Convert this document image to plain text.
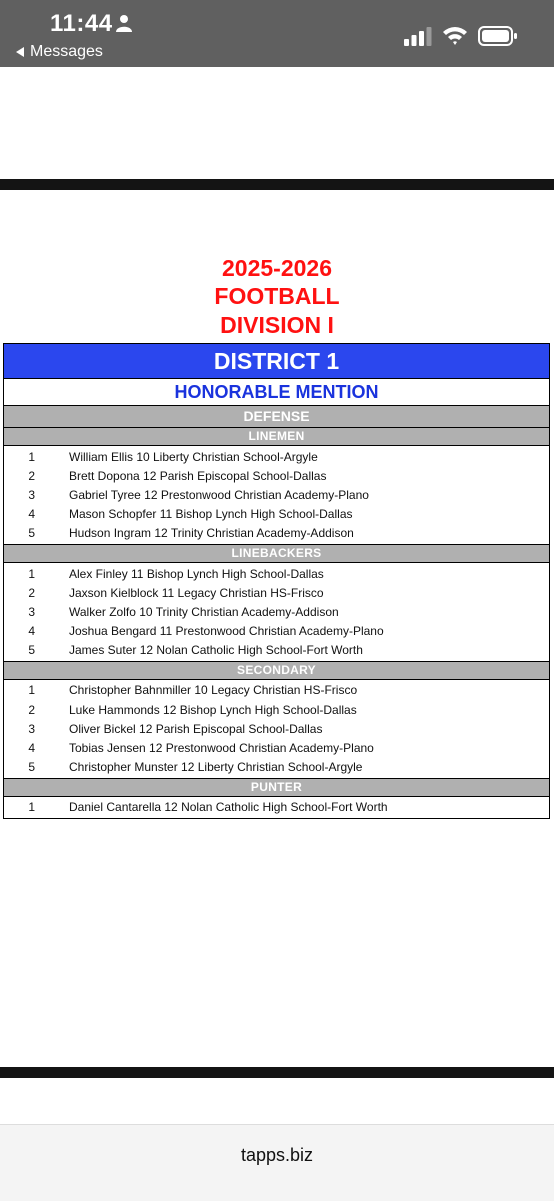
11:44
Messages
2025-2026
FOOTBALL
DIVISION I
DISTRICT 1
HONORABLE MENTION
DEFENSE
LINEMEN
1	William Ellis 10 Liberty Christian School-Argyle
2	Brett Dopona 12 Parish Episcopal School-Dallas
3	Gabriel Tyree 12 Prestonwood Christian Academy-Plano
4	Mason Schopfer 11 Bishop Lynch High School-Dallas
5	Hudson Ingram 12 Trinity Christian Academy-Addison
LINEBACKERS
1	Alex Finley 11 Bishop Lynch High School-Dallas
2	Jaxson Kielblock 11 Legacy Christian HS-Frisco
3	Walker Zolfo 10 Trinity Christian Academy-Addison
4	Joshua Bengard 11 Prestonwood Christian Academy-Plano
5	James Suter 12 Nolan Catholic High School-Fort Worth
SECONDARY
1	Christopher Bahnmiller 10 Legacy Christian HS-Frisco
2	Luke Hammonds 12 Bishop Lynch High School-Dallas
3	Oliver Bickel 12 Parish Episcopal School-Dallas
4	Tobias Jensen 12 Prestonwood Christian Academy-Plano
5	Christopher Munster 12 Liberty Christian School-Argyle
PUNTER
1	Daniel Cantarella 12 Nolan Catholic High School-Fort Worth
tapps.biz
